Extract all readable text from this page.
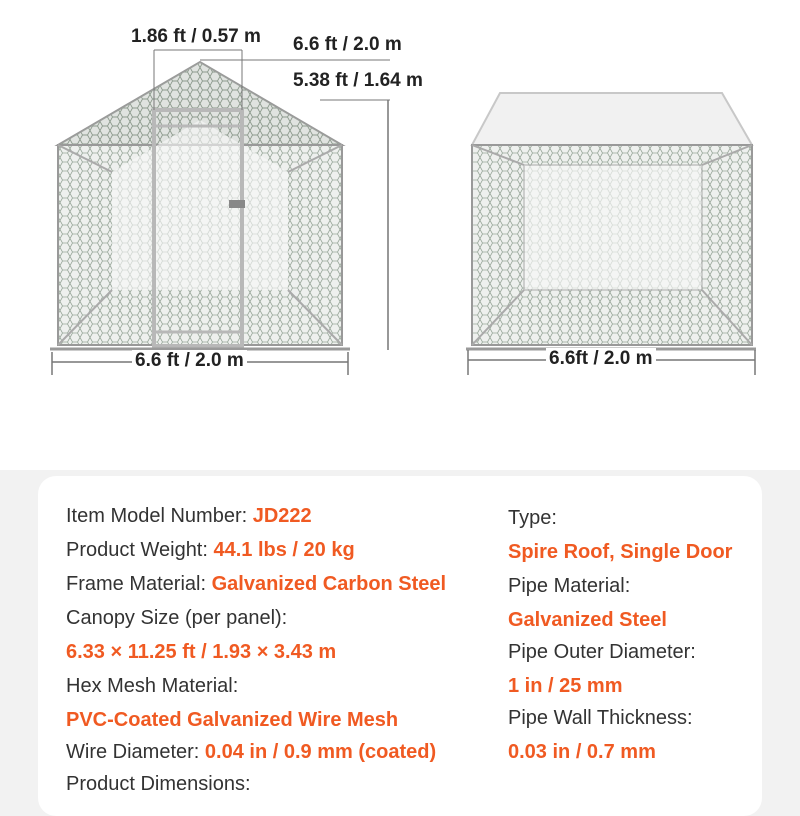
1.86 ft / 0.57 m 6.6 ft / 2.0 m
5.38 ft / 1.64 m
6.6 ft / 2.0 m	6.6ft / 2.0 m
Item Model Number: JD222
Product Weight: 44.1 lbs / 20 kg
Frame Material: Galvanized Carbon Steel
Canopy Size (per panel):
6.33 × 11.25 ft / 1.93 × 3.43 m
Hex Mesh Material:
PVC-Coated Galvanized Wire Mesh
Wire Diameter: 0.04 in / 0.9 mm (coated)
Product Dimensions:
Type:
Spire Roof, Single Door
Pipe Material:
Galvanized Steel
Pipe Outer Diameter:
1 in / 25 mm
Pipe Wall Thickness:
0.03 in / 0.7 mm
